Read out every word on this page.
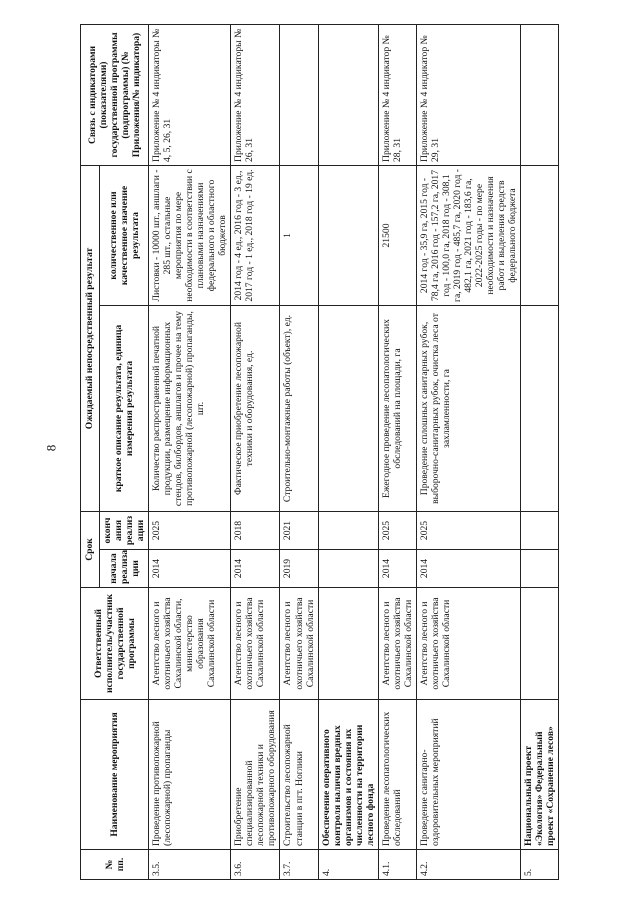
8
№ пп.	Наименование мероприятия	Ответственный исполнитель/участник государственной программы	Срок		Ожидаемый непосредственный результат		Связь с индикаторами (показателями) государственной программы (подпрограммы) (№ Приложения/№ индикатора)
			начала реализа ции	оконч ания реализ ации	краткое описание результата, единица измерения результата	количественное или качественное значение результата	
3.5.	Проведение противопожарной (лесопожарной) пропаганды	Агентство лесного и охотничьего хозяйства Сахалинской области, министерство образования Сахалинской области	2014	2025	Количество распространенной печатной продукции, размещение информационных стендов, билбордов, аншлагов и прочее на тему противопожарной (лесопожарной) пропаганды, шт.	Листовки - 10000 шт., аншлаги - 285 шт., остальные мероприятия по мере необходимости в соответствии с плановыми назначениями федерального и областного бюджетов	Приложение № 4 индикаторы № 4, 5, 26, 31
3.6.	Приобретение специализированной лесопожарной техники и противопожарного оборудования	Агентство лесного и охотничьего хозяйства Сахалинской области	2014	2018	Фактическое приобретение лесопожарной техники и оборудования, ед.	2014 год - 4 ед., 2016 год - 3 ед., 2017 год - 1 ед., 2018 год - 19 ед.	Приложение № 4 индикаторы № 26, 31
3.7.	Строительство лесопожарной станции в пгт. Ноглики	Агентство лесного и охотничьего хозяйства Сахалинской области	2019	2021	Строительно-монтажные работы (объект), ед.	1	
4.	Обеспечение оперативного контроля наличия вредных организмов и состояния их численности на территории лесного фонда						
4.1.	Проведение лесопатологических обследований	Агентство лесного и охотничьего хозяйства Сахалинской области	2014	2025	Ежегодное проведение лесопатологических обследований на площади, га	21500	Приложение № 4 индикатор № 28, 31
4.2.	Проведение санитарно-оздоровительных мероприятий	Агентство лесного и охотничьего хозяйства Сахалинской области	2014	2025	Проведение сплошных санитарных рубок, выборочно-санитарных рубок, очистка леса от захламленности, га	2014 год - 35,9 га, 2015 год - 78,4 га, 2016 год - 157,2 га, 2017 год - 100,0 га, 2018 год - 308,1 га, 2019 год - 485,7 га, 2020 год - 482,1 га, 2021 год - 183,6 га, 2022-2025 годы - по мере необходимости и назначения работ и выделения средств федерального бюджета	Приложение № 4 индикатор № 29, 31
5.	Национальный проект «Экология» Федеральный проект «Сохранение лесов»						
